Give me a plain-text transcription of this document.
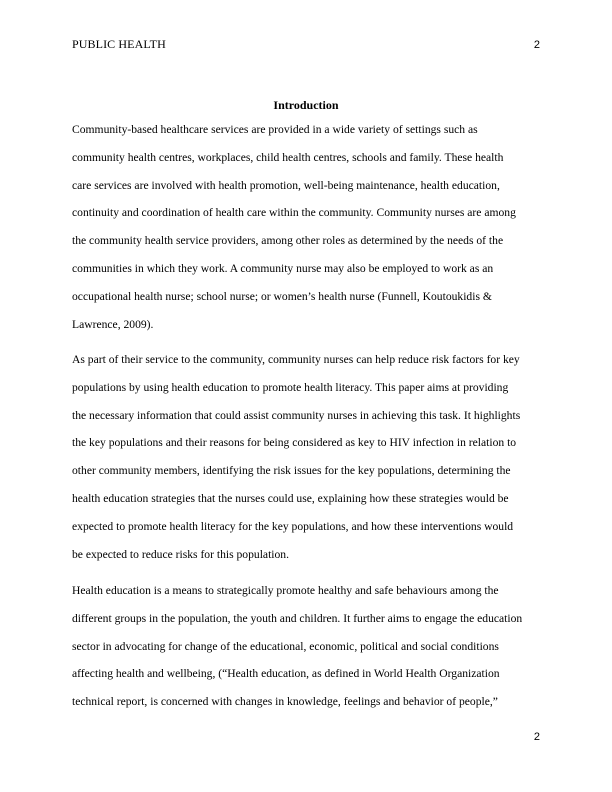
PUBLIC HEALTH	2
Introduction

Community-based healthcare services are provided in a wide variety of settings such as
community health centres, workplaces, child health centres, schools and family. These health
care services are involved with health promotion, well-being maintenance, health education,
continuity and coordination of health care within the community. Community nurses are among
the community health service providers, among other roles as determined by the needs of the
communities in which they work. A community nurse may also be employed to work as an
occupational health nurse; school nurse; or women’s health nurse (Funnell, Koutoukidis &
Lawrence, 2009).

As part of their service to the community, community nurses can help reduce risk factors for key
populations by using health education to promote health literacy. This paper aims at providing
the necessary information that could assist community nurses in achieving this task. It highlights
the key populations and their reasons for being considered as key to HIV infection in relation to
other community members, identifying the risk issues for the key populations, determining the
health education strategies that the nurses could use, explaining how these strategies would be
expected to promote health literacy for the key populations, and how these interventions would
be expected to reduce risks for this population.

Health education is a means to strategically promote healthy and safe behaviours among the
different groups in the population, the youth and children. It further aims to engage the education
sector in advocating for change of the educational, economic, political and social conditions
affecting health and wellbeing, (“Health education, as defined in World Health Organization
technical report, is concerned with changes in knowledge, feelings and behavior of people,”

2
